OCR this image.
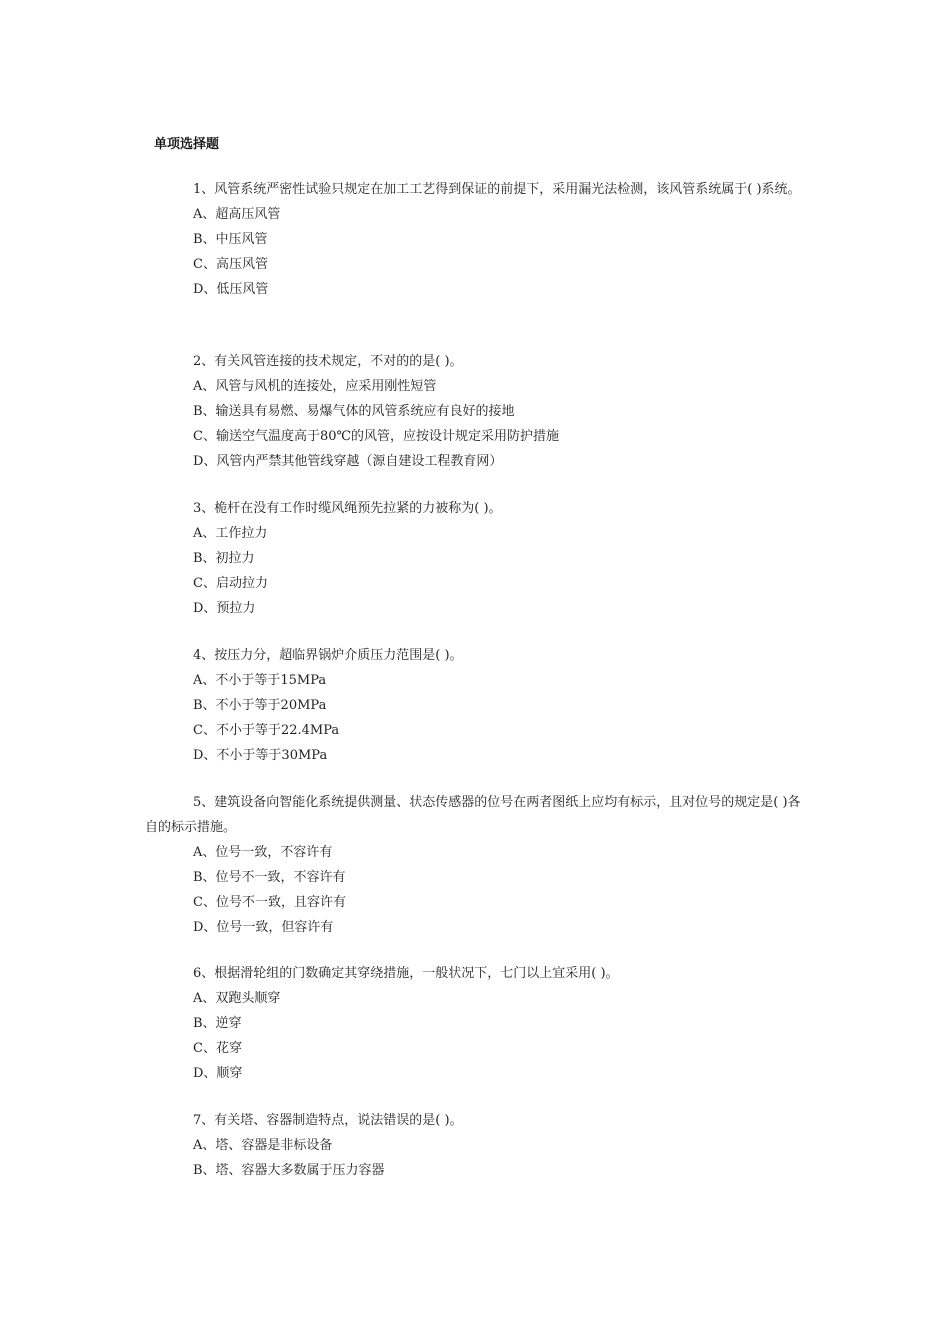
单项选择题

1、风管系统严密性试验只规定在加工工艺得到保证的前提下，采用漏光法检测，该风管系统属于( )系统。

A、超高压风管

B、中压风管

C、高压风管

D、低压风管

2、有关风管连接的技术规定，不对的的是( )。

A、风管与风机的连接处，应采用刚性短管

B、输送具有易燃、易爆气体的风管系统应有良好的接地

C、输送空气温度高于80℃的风管，应按设计规定采用防护措施

D、风管内严禁其他管线穿越（源自建设工程教育网）

3、桅杆在没有工作时缆风绳预先拉紧的力被称为( )。

A、工作拉力

B、初拉力

C、启动拉力

D、预拉力

4、按压力分，超临界锅炉介质压力范围是( )。

A、不小于等于15MPa

B、不小于等于20MPa

C、不小于等于22.4MPa

D、不小于等于30MPa

5、建筑设备向智能化系统提供测量、状态传感器的位号在两者图纸上应均有标示，且对位号的规定是( )各自的标示措施。

A、位号一致，不容许有

B、位号不一致，不容许有

C、位号不一致，且容许有

D、位号一致，但容许有

6、根据滑轮组的门数确定其穿绕措施，一般状况下，七门以上宜采用( )。

A、双跑头顺穿

B、逆穿

C、花穿

D、顺穿

7、有关塔、容器制造特点，说法错误的是( )。

A、塔、容器是非标设备

B、塔、容器大多数属于压力容器
